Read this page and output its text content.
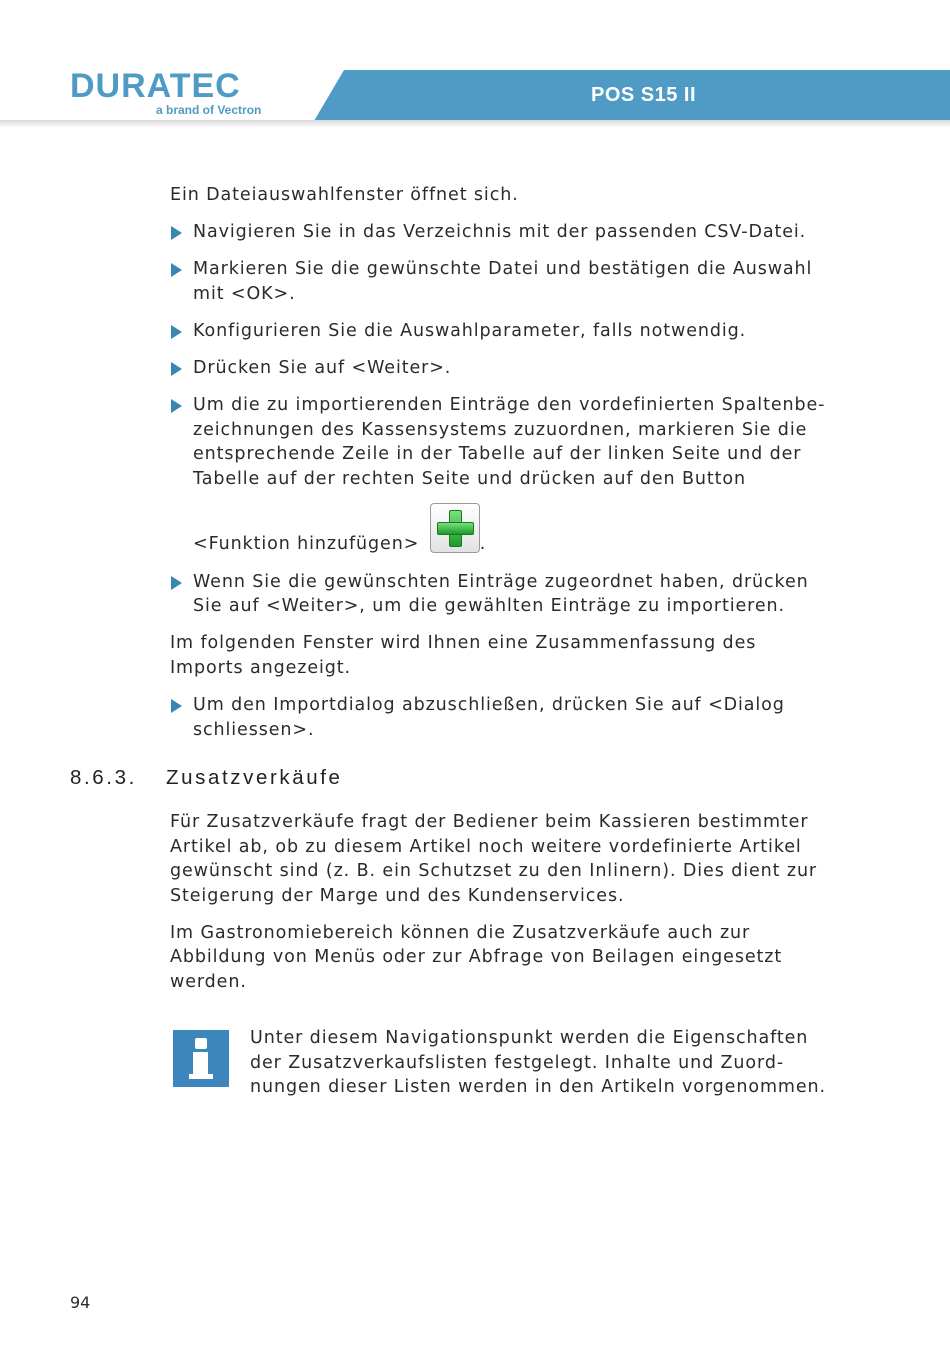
DURATEC
a brand of Vectron
POS S15 II

Ein Dateiauswahlfenster öffnet sich.

Navigieren Sie in das Verzeichnis mit der passenden CSV-Datei.
Markieren Sie die gewünschte Datei und bestätigen die Auswahl mit <OK>.
Konfigurieren Sie die Auswahlparameter, falls notwendig.
Drücken Sie auf <Weiter>.
Um die zu importierenden Einträge den vordefinierten Spaltenbe- zeichnungen des Kassensystems zuzuordnen, markieren Sie die entsprechende Zeile in der Tabelle auf der linken Seite und der Tabelle auf der rechten Seite und drücken auf den Button
<Funktion hinzufügen>	.
Wenn Sie die gewünschten Einträge zugeordnet haben, drücken Sie auf <Weiter>, um die gewählten Einträge zu importieren.

Im folgenden Fenster wird Ihnen eine Zusammenfassung des Imports angezeigt.

Um den Importdialog abzuschließen, drücken Sie auf <Dialog schliessen>.
8.6.3. Zusatzverkäufe

Für Zusatzverkäufe fragt der Bediener beim Kassieren bestimmter Artikel ab, ob zu diesem Artikel noch weitere vordefinierte Artikel gewünscht sind (z. B. ein Schutzset zu den Inlinern). Dies dient zur Steigerung der Marge und des Kundenservices.

Im Gastronomiebereich können die Zusatzverkäufe auch zur Abbildung von Menüs oder zur Abfrage von Beilagen eingesetzt werden.

Unter diesem Navigationspunkt werden die Eigenschaften der Zusatzverkaufslisten festgelegt. Inhalte und Zuord- nungen dieser Listen werden in den Artikeln vorgenommen.
94
